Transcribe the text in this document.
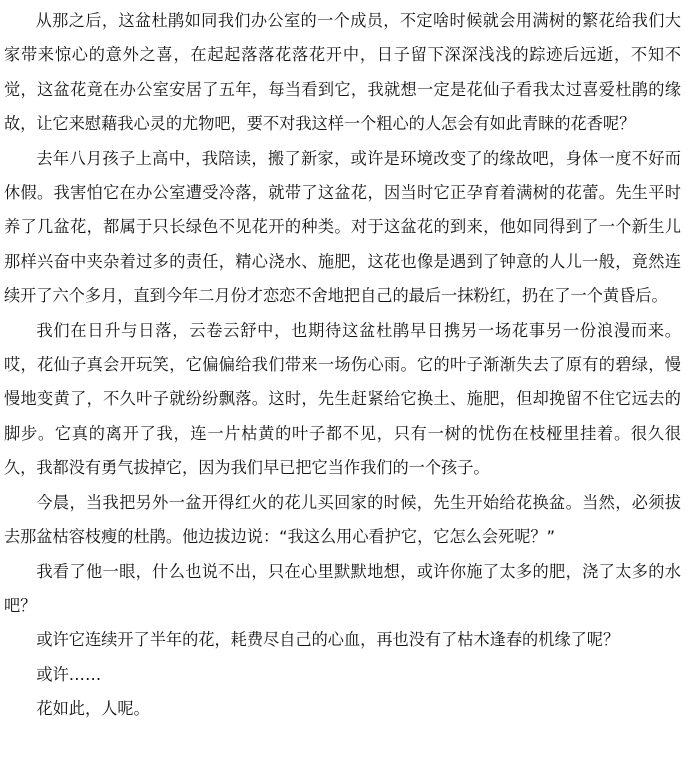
从那之后，这盆杜鹃如同我们办公室的一个成员，不定啥时候就会用满树的繁花给我们大家带来惊心的意外之喜，在起起落落花落花开中，日子留下深深浅浅的踪迹后远逝，不知不觉，这盆花竟在办公室安居了五年，每当看到它，我就想一定是花仙子看我太过喜爱杜鹃的缘故，让它来慰藉我心灵的尤物吧，要不对我这样一个粗心的人怎会有如此青睐的花香呢？

去年八月孩子上高中，我陪读，搬了新家，或许是环境改变了的缘故吧，身体一度不好而休假。我害怕它在办公室遭受冷落，就带了这盆花，因当时它正孕育着满树的花蕾。先生平时养了几盆花，都属于只长绿色不见花开的种类。对于这盆花的到来，他如同得到了一个新生儿那样兴奋中夹杂着过多的责任，精心浇水、施肥，这花也像是遇到了钟意的人儿一般，竟然连续开了六个多月，直到今年二月份才恋恋不舍地把自己的最后一抹粉红，扔在了一个黄昏后。

我们在日升与日落，云卷云舒中，也期待这盆杜鹃早日携另一场花事另一份浪漫而来。哎，花仙子真会开玩笑，它偏偏给我们带来一场伤心雨。它的叶子渐渐失去了原有的碧绿，慢慢地变黄了，不久叶子就纷纷飘落。这时，先生赶紧给它换土、施肥，但却挽留不住它远去的脚步。它真的离开了我，连一片枯黄的叶子都不见，只有一树的忧伤在枝桠里挂着。很久很久，我都没有勇气拔掉它，因为我们早已把它当作我们的一个孩子。

今晨，当我把另外一盆开得红火的花儿买回家的时候，先生开始给花换盆。当然，必须拔去那盆枯容枝瘦的杜鹃。他边拔边说：“我这么用心看护它，它怎么会死呢？”

我看了他一眼，什么也说不出，只在心里默默地想，或许你施了太多的肥，浇了太多的水吧？

或许它连续开了半年的花，耗费尽自己的心血，再也没有了枯木逢春的机缘了呢？

或许……

花如此，人呢。
